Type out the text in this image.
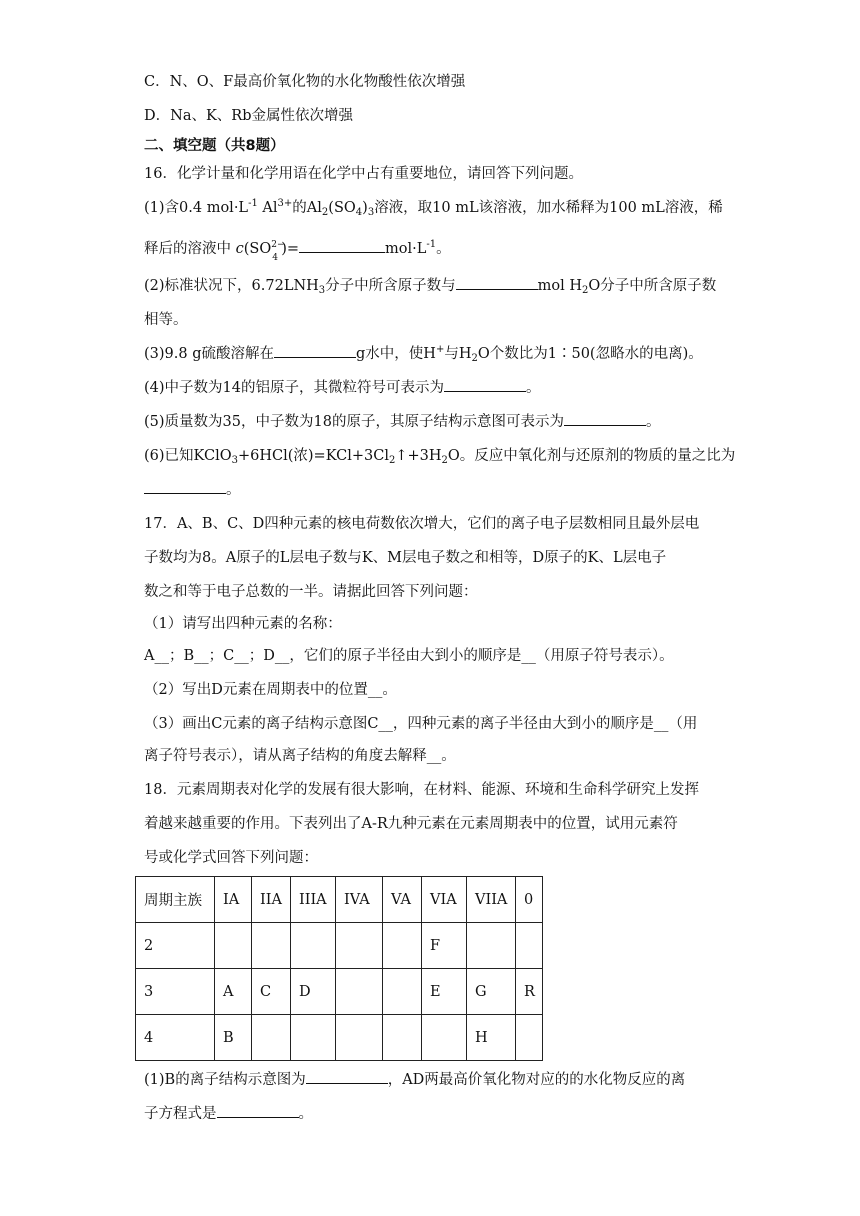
C．N、O、F最高价氧化物的水化物酸性依次增强
D．Na、K、Rb金属性依次增强
二、填空题（共8题）
16．化学计量和化学用语在化学中占有重要地位，请回答下列问题。
(1)含0.4 $mol\cdot L^{-1}$ $Al^{3+}$的$Al_2(SO_4)_3$溶液，取10 mL该溶液，加水稀释为100 mL溶液，稀
释后的溶液中 c(SO 2−
4
)=	$mol\cdot L^{-1}$。
(2)标准状况下，$6.72LNH_3$分子中所含原子数与	mol $H_2O$分子中所含原子数
相等。
(3)9.8 g硫酸溶解在	g水中，使H+与$H_2O$个数比为1∶50(忽略水的电离)。
(4)中子数为14的铝原子，其微粒符号可表示为	。
(5)质量数为35，中子数为18的原子，其原子结构示意图可表示为	。
(6)已知KClO$_3$+6HCl(浓)$=KCl+3Cl_2↑+3H_2O$。反应中氧化剂与还原剂的物质的量之比为
。
17．A、B、C、D四种元素的核电荷数依次增大，它们的离子电子层数相同且最外层电
子数均为8。A原子的L层电子数与K、M层电子数之和相等，D原子的K、L层电子
数之和等于电子总数的一半。请据此回答下列问题：
（1）请写出四种元素的名称：
A__；B__；C__；D__，它们的原子半径由大到小的顺序是__（用原子符号表示）。
（2）写出D元素在周期表中的位置__。
（3）画出C元素的离子结构示意图C__，四种元素的离子半径由大到小的顺序是__（用
离子符号表示），请从离子结构的角度去解释__。
18．元素周期表对化学的发展有很大影响，在材料、能源、环境和生命科学研究上发挥
着越来越重要的作用。下表列出了A-R九种元素在元素周期表中的位置，试用元素符
号或化学式回答下列问题：
周期主族	IA	IIA	IIIA	IVA	VA	VIA	VIIA	0
2						F		
3	A	C	D			E	G	R
4	B						H	
(1)B的离子结构示意图为	，AD两最高价氧化物对应的的水化物反应的离
子方程式是	。
